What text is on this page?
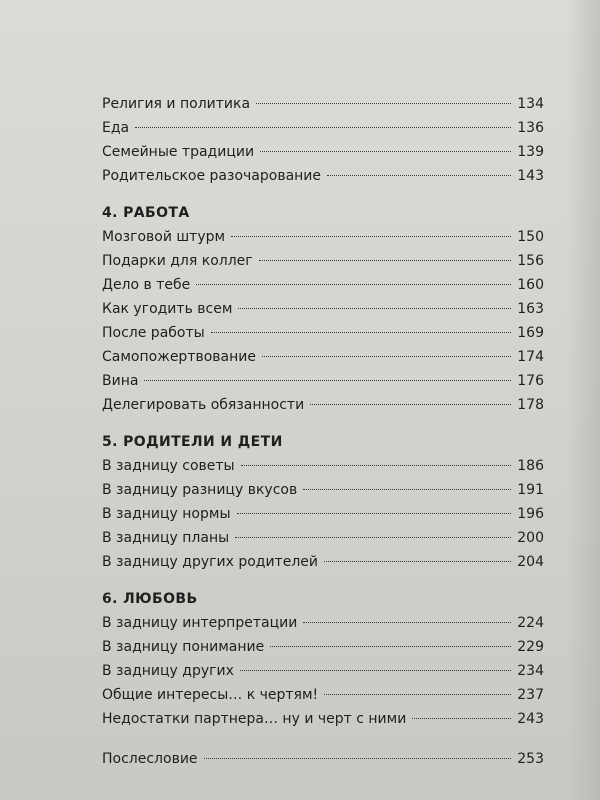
Религия и политика	134
Еда	136
Семейные традиции	139
Родительское разочарование	143
4. РАБОТА
Мозговой штурм	150
Подарки для коллег	156
Дело в тебе	160
Как угодить всем	163
После работы	169
Самопожертвование	174
Вина	176
Делегировать обязанности	178
5. РОДИТЕЛИ И ДЕТИ
В задницу советы	186
В задницу разницу вкусов	191
В задницу нормы	196
В задницу планы	200
В задницу других родителей	204
6. ЛЮБОВЬ
В задницу интерпретации	224
В задницу понимание	229
В задницу других	234
Общие интересы… к чертям!	237
Недостатки партнера… ну и черт с ними	243
Послесловие	253
